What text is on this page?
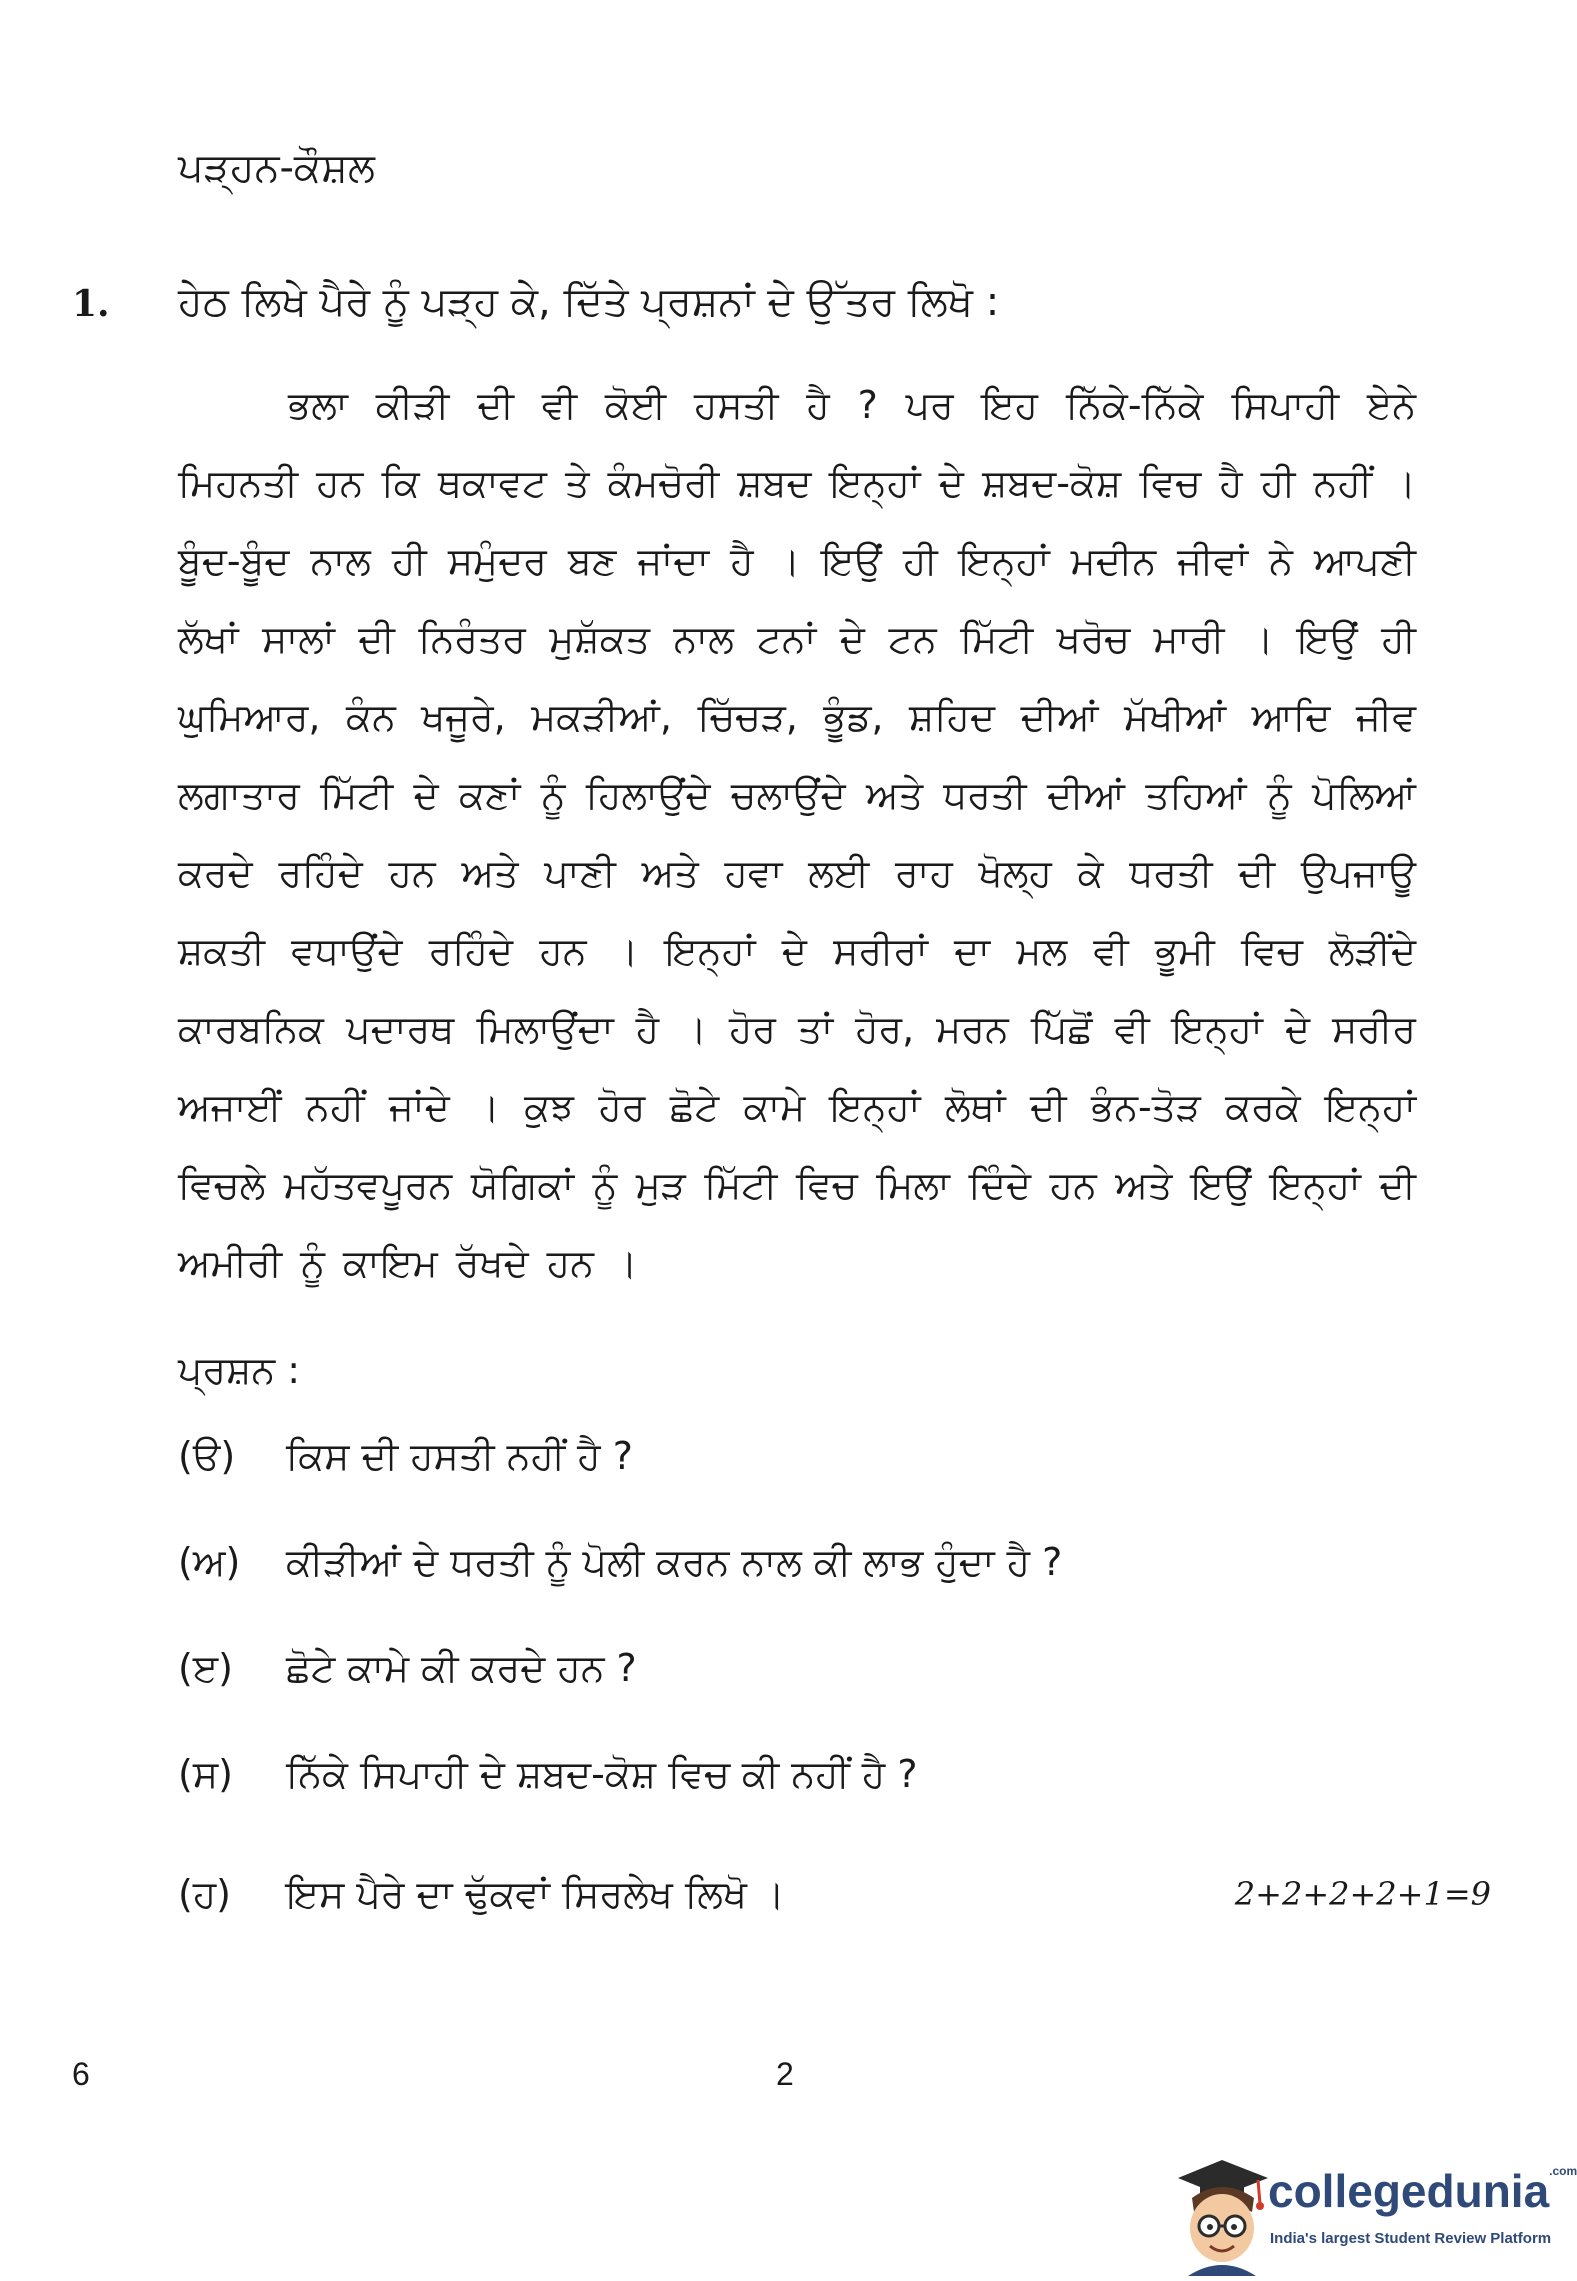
ਪੜ੍ਹਨ-ਕੌਸ਼ਲ
1. ਹੇਠ ਲਿਖੇ ਪੈਰੇ ਨੂੰ ਪੜ੍ਹ ਕੇ, ਦਿੱਤੇ ਪ੍ਰਸ਼ਨਾਂ ਦੇ ਉੱਤਰ ਲਿਖੋ :
ਭਲਾ ਕੀੜੀ ਦੀ ਵੀ ਕੋਈ ਹਸਤੀ ਹੈ ? ਪਰ ਇਹ ਨਿੱਕੇ-ਨਿੱਕੇ ਸਿਪਾਹੀ ਏਨੇ ਮਿਹਨਤੀ ਹਨ ਕਿ ਥਕਾਵਟ ਤੇ ਕੰਮਚੋਰੀ ਸ਼ਬਦ ਇਨ੍ਹਾਂ ਦੇ ਸ਼ਬਦ-ਕੋਸ਼ ਵਿਚ ਹੈ ਹੀ ਨਹੀਂ । ਬੂੰਦ-ਬੂੰਦ ਨਾਲ ਹੀ ਸਮੁੰਦਰ ਬਣ ਜਾਂਦਾ ਹੈ । ਇਉਂ ਹੀ ਇਨ੍ਹਾਂ ਮਦੀਨ ਜੀਵਾਂ ਨੇ ਆਪਣੀ ਲੱਖਾਂ ਸਾਲਾਂ ਦੀ ਨਿਰੰਤਰ ਮੁਸ਼ੱਕਤ ਨਾਲ ਟਨਾਂ ਦੇ ਟਨ ਮਿੱਟੀ ਖਰੋਚ ਮਾਰੀ । ਇਉਂ ਹੀ ਘੁਮਿਆਰ, ਕੰਨ ਖਜੂਰੇ, ਮਕੜੀਆਂ, ਚਿੱਚੜ, ਭੂੰਡ, ਸ਼ਹਿਦ ਦੀਆਂ ਮੱਖੀਆਂ ਆਦਿ ਜੀਵ ਲਗਾਤਾਰ ਮਿੱਟੀ ਦੇ ਕਣਾਂ ਨੂੰ ਹਿਲਾਉਂਦੇ ਚਲਾਉਂਦੇ ਅਤੇ ਧਰਤੀ ਦੀਆਂ ਤਹਿਆਂ ਨੂੰ ਪੋਲਿਆਂ ਕਰਦੇ ਰਹਿੰਦੇ ਹਨ ਅਤੇ ਪਾਣੀ ਅਤੇ ਹਵਾ ਲਈ ਰਾਹ ਖੋਲ੍ਹ ਕੇ ਧਰਤੀ ਦੀ ਉਪਜਾਊ ਸ਼ਕਤੀ ਵਧਾਉਂਦੇ ਰਹਿੰਦੇ ਹਨ । ਇਨ੍ਹਾਂ ਦੇ ਸਰੀਰਾਂ ਦਾ ਮਲ ਵੀ ਭੂਮੀ ਵਿਚ ਲੋੜੀਂਦੇ ਕਾਰਬਨਿਕ ਪਦਾਰਥ ਮਿਲਾਉਂਦਾ ਹੈ । ਹੋਰ ਤਾਂ ਹੋਰ, ਮਰਨ ਪਿੱਛੋਂ ਵੀ ਇਨ੍ਹਾਂ ਦੇ ਸਰੀਰ ਅਜਾਈਂ ਨਹੀਂ ਜਾਂਦੇ । ਕੁਝ ਹੋਰ ਛੋਟੇ ਕਾਮੇ ਇਨ੍ਹਾਂ ਲੋਥਾਂ ਦੀ ਭੰਨ-ਤੋੜ ਕਰਕੇ ਇਨ੍ਹਾਂ ਵਿਚਲੇ ਮਹੱਤਵਪੂਰਨ ਯੋਗਿਕਾਂ ਨੂੰ ਮੁੜ ਮਿੱਟੀ ਵਿਚ ਮਿਲਾ ਦਿੰਦੇ ਹਨ ਅਤੇ ਇਉਂ ਇਨ੍ਹਾਂ ਦੀ ਅਮੀਰੀ ਨੂੰ ਕਾਇਮ ਰੱਖਦੇ ਹਨ ।
ਪ੍ਰਸ਼ਨ :
(ੳ) ਕਿਸ ਦੀ ਹਸਤੀ ਨਹੀਂ ਹੈ ?
(ਅ) ਕੀੜੀਆਂ ਦੇ ਧਰਤੀ ਨੂੰ ਪੋਲੀ ਕਰਨ ਨਾਲ ਕੀ ਲਾਭ ਹੁੰਦਾ ਹੈ ?
(ੲ) ਛੋਟੇ ਕਾਮੇ ਕੀ ਕਰਦੇ ਹਨ ?
(ਸ) ਨਿੱਕੇ ਸਿਪਾਹੀ ਦੇ ਸ਼ਬਦ-ਕੋਸ਼ ਵਿਚ ਕੀ ਨਹੀਂ ਹੈ ?
(ਹ) ਇਸ ਪੈਰੇ ਦਾ ਢੁੱਕਵਾਂ ਸਿਰਲੇਖ ਲਿਖੋ ।	2+2+2+2+1=9
6	2
collegedunia$^{.com}$
India's largest Student Review Platform
